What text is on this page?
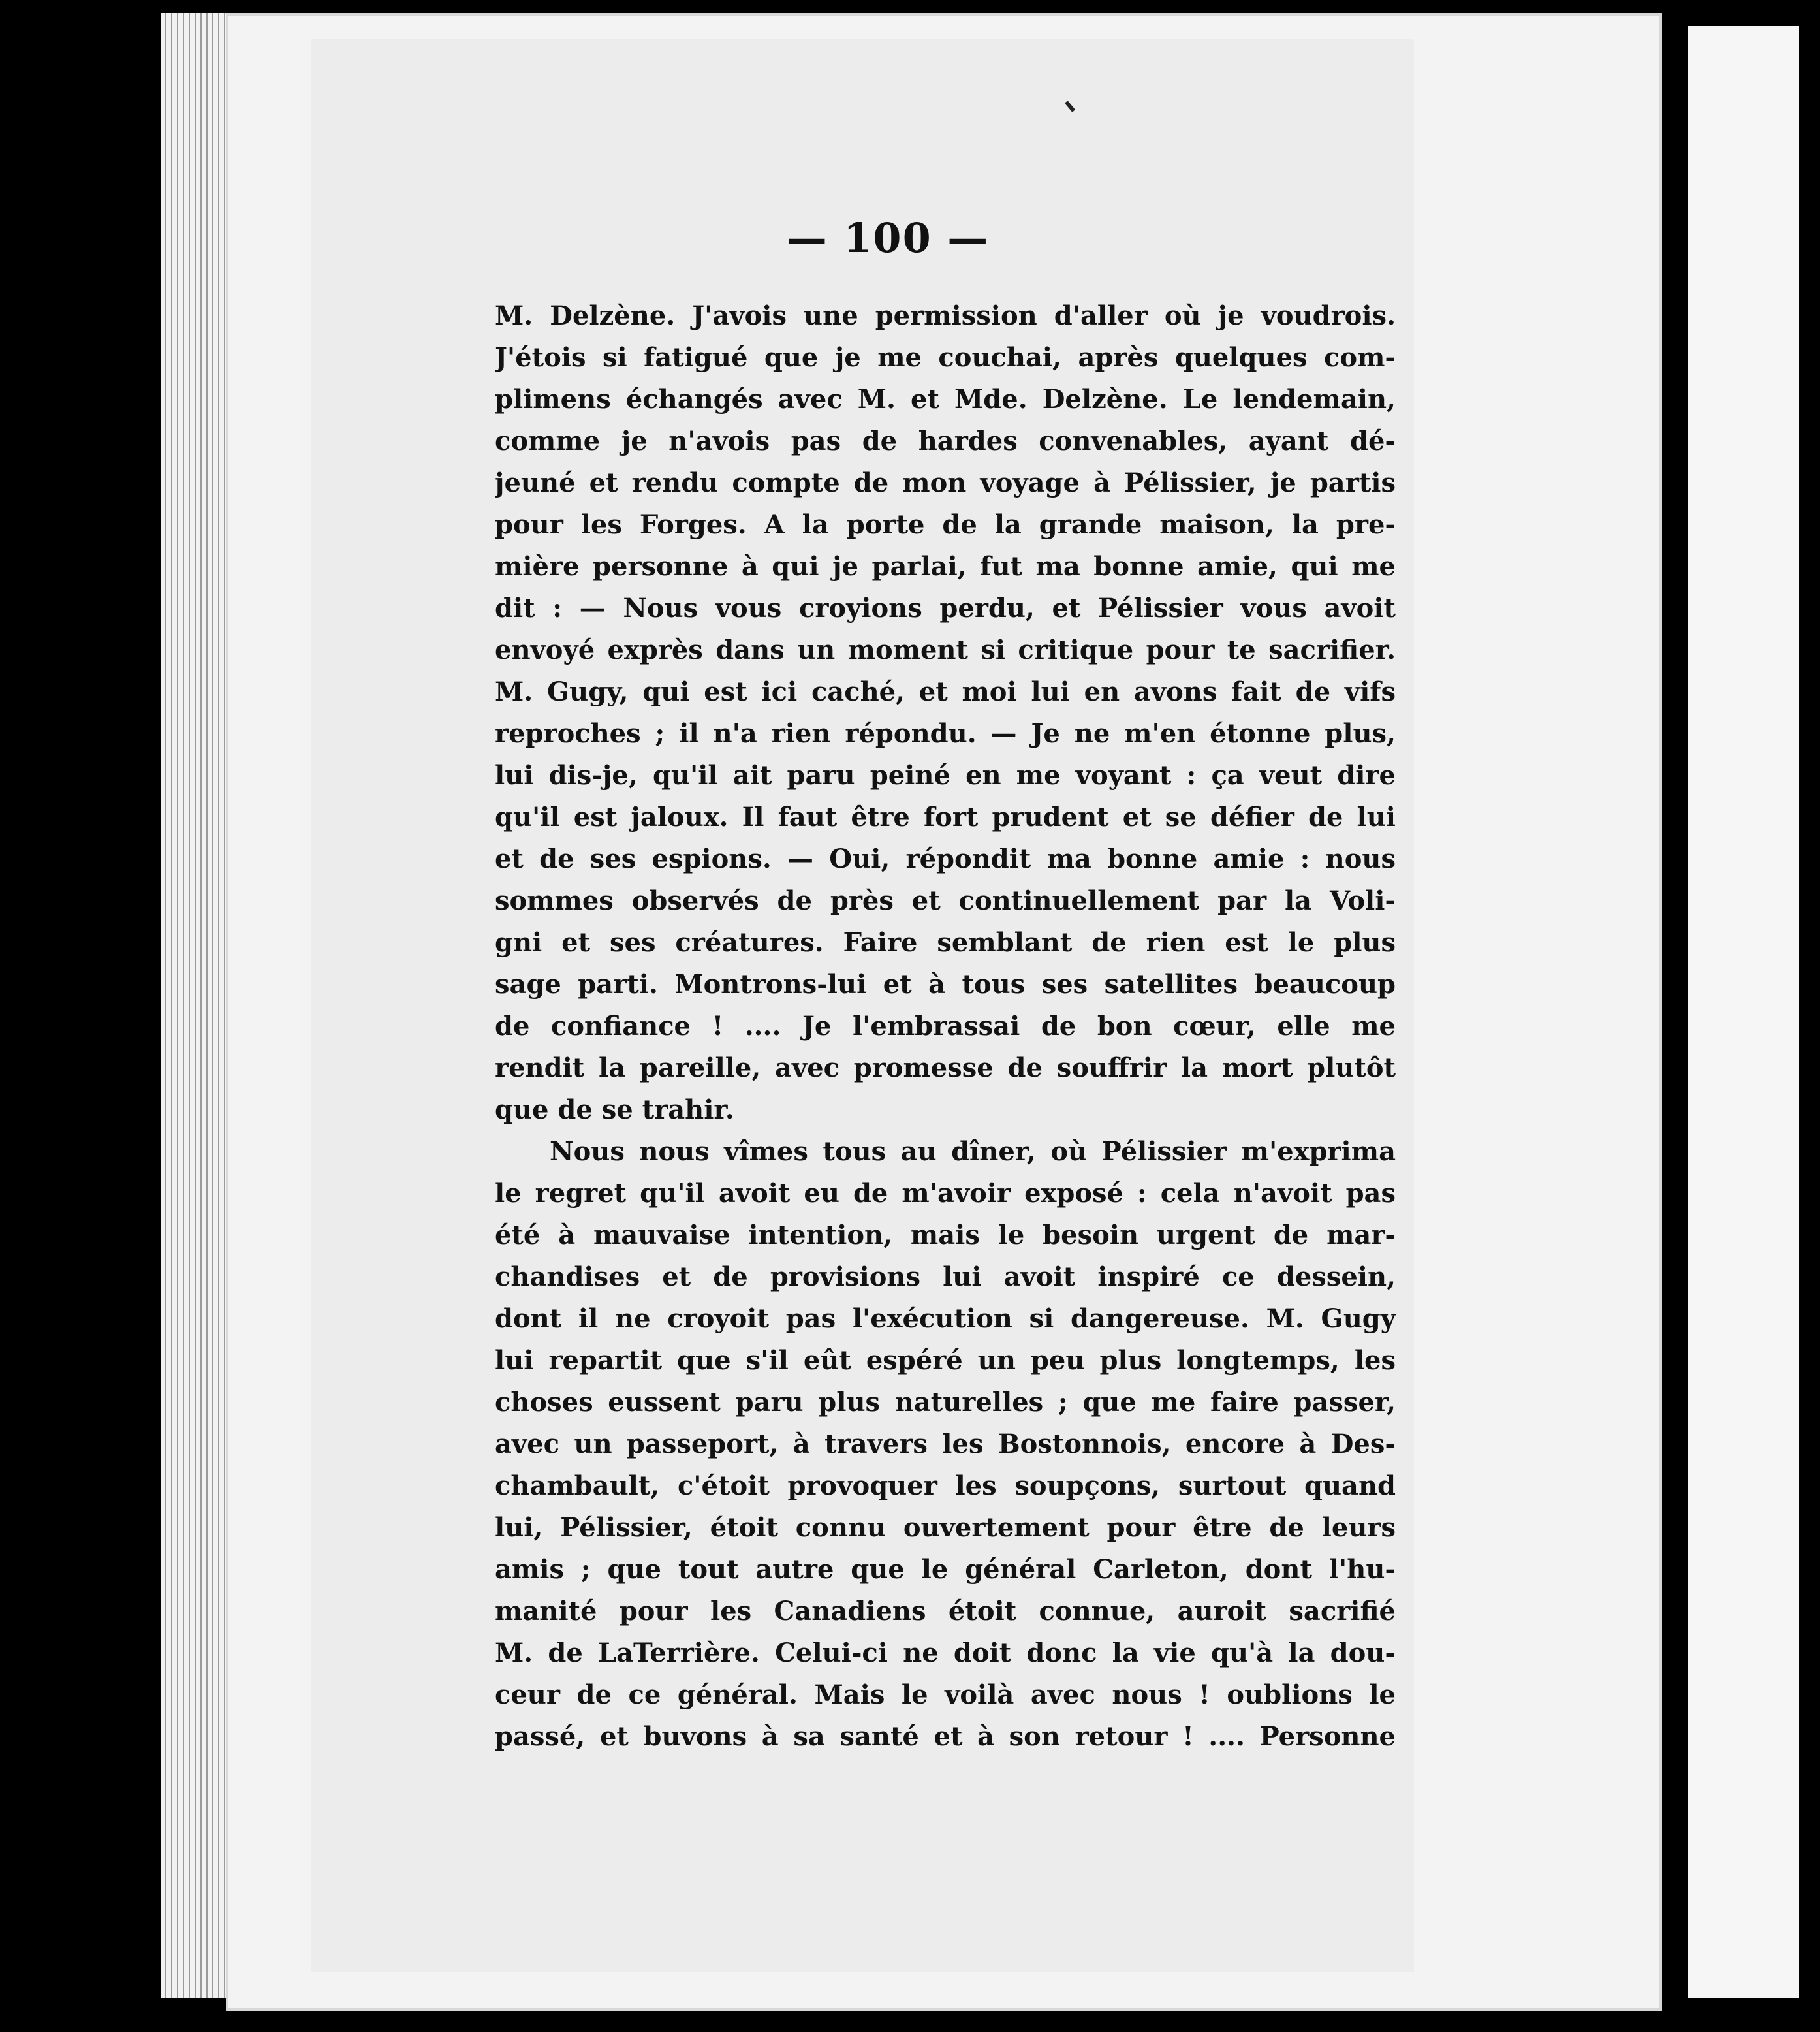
— 100 —
M. Delzène. J'avois une permission d'aller où je voudrois.
J'étois si fatigué que je me couchai, après quelques com-
plimens échangés avec M. et Mde. Delzène. Le lendemain,
comme je n'avois pas de hardes convenables, ayant dé-
jeuné et rendu compte de mon voyage à Pélissier, je partis
pour les Forges. A la porte de la grande maison, la pre-
mière personne à qui je parlai, fut ma bonne amie, qui me
dit : — Nous vous croyions perdu, et Pélissier vous avoit
envoyé exprès dans un moment si critique pour te sacrifier.
M. Gugy, qui est ici caché, et moi lui en avons fait de vifs
reproches ; il n'a rien répondu. — Je ne m'en étonne plus,
lui dis-je, qu'il ait paru peiné en me voyant : ça veut dire
qu'il est jaloux. Il faut être fort prudent et se défier de lui
et de ses espions. — Oui, répondit ma bonne amie : nous
sommes observés de près et continuellement par la Voli-
gni et ses créatures. Faire semblant de rien est le plus
sage parti. Montrons-lui et à tous ses satellites beaucoup
de confiance ! .... Je l'embrassai de bon cœur, elle me
rendit la pareille, avec promesse de souffrir la mort plutôt
que de se trahir.
Nous nous vîmes tous au dîner, où Pélissier m'exprima
le regret qu'il avoit eu de m'avoir exposé : cela n'avoit pas
été à mauvaise intention, mais le besoin urgent de mar-
chandises et de provisions lui avoit inspiré ce dessein,
dont il ne croyoit pas l'exécution si dangereuse. M. Gugy
lui repartit que s'il eût espéré un peu plus longtemps, les
choses eussent paru plus naturelles ; que me faire passer,
avec un passeport, à travers les Bostonnois, encore à Des-
chambault, c'étoit provoquer les soupçons, surtout quand
lui, Pélissier, étoit connu ouvertement pour être de leurs
amis ; que tout autre que le général Carleton, dont l'hu-
manité pour les Canadiens étoit connue, auroit sacrifié
M. de LaTerrière. Celui-ci ne doit donc la vie qu'à la dou-
ceur de ce général. Mais le voilà avec nous ! oublions le
passé, et buvons à sa santé et à son retour ! .... Personne
